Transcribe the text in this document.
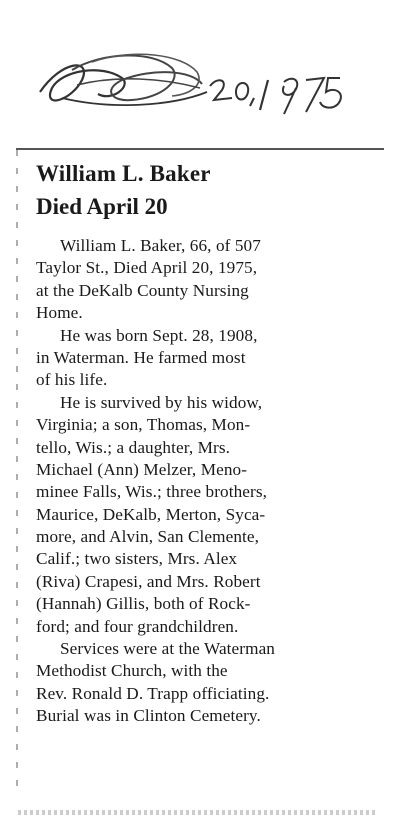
William L. Baker
Died April 20
William L. Baker, 66, of 507
Taylor St., Died April 20, 1975,
at the DeKalb County Nursing
Home.
He was born Sept. 28, 1908,
in Waterman. He farmed most
of his life.
He is survived by his widow,
Virginia; a son, Thomas, Mon-
tello, Wis.; a daughter, Mrs.
Michael (Ann) Melzer, Meno-
minee Falls, Wis.; three brothers,
Maurice, DeKalb, Merton, Syca-
more, and Alvin, San Clemente,
Calif.; two sisters, Mrs. Alex
(Riva) Crapesi, and Mrs. Robert
(Hannah) Gillis, both of Rock-
ford; and four grandchildren.
Services were at the Waterman
Methodist Church, with the
Rev. Ronald D. Trapp officiating.
Burial was in Clinton Cemetery.
